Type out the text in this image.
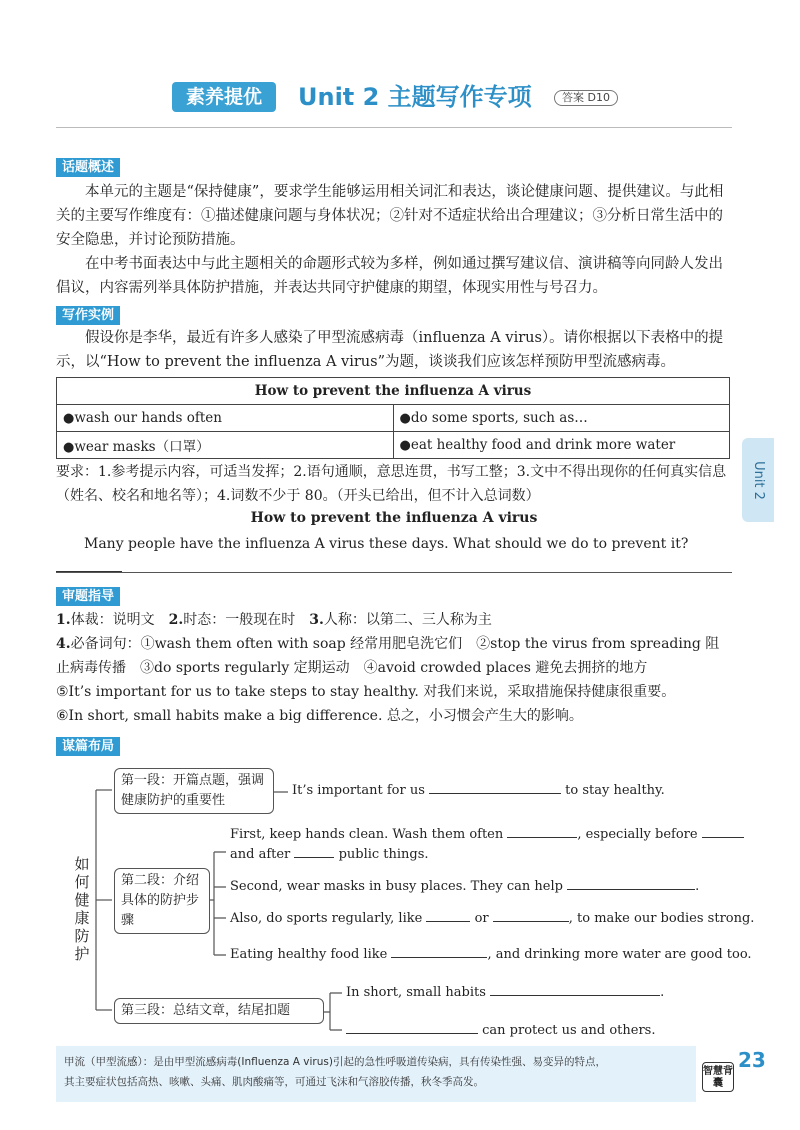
素养提优	Unit 2 主题写作专项	答案 D10
话题概述

本单元的主题是“保持健康”，要求学生能够运用相关词汇和表达，谈论健康问题、提供建议。与此相关的主要写作维度有：①描述健康问题与身体状况；②针对不适症状给出合理建议；③分析日常生活中的安全隐患，并讨论预防措施。

在中考书面表达中与此主题相关的命题形式较为多样，例如通过撰写建议信、演讲稿等向同龄人发出倡议，内容需列举具体防护措施，并表达共同守护健康的期望，体现实用性与号召力。

写作实例

假设你是李华，最近有许多人感染了甲型流感病毒（influenza A virus）。请你根据以下表格中的提示，以“How to prevent the influenza A virus”为题，谈谈我们应该怎样预防甲型流感病毒。

How to prevent the influenza A virus	
●wash our hands often	●do some sports, such as…
●wear masks（口罩）	●eat healthy food and drink more water

要求：1.参考提示内容，可适当发挥；2.语句通顺，意思连贯，书写工整；3.文中不得出现你的任何真实信息（姓名、校名和地名等）；4.词数不少于 80。（开头已给出，但不计入总词数）

How to prevent the influenza A virus

Many people have the influenza A virus these days. What should we do to prevent it?

审题指导

1.体裁：说明文　 2.时态：一般现在时　 3.人称：以第二、三人称为主

4.必备词句：①wash them often with soap 经常用肥皂洗它们　②stop the virus from spreading 阻止病毒传播　③do sports regularly 定期运动　④avoid crowded places 避免去拥挤的地方

⑤It’s important for us to take steps to stay healthy. 对我们来说，采取措施保持健康很重要。

⑥In short, small habits make a big difference. 总之，小习惯会产生大的影响。

谋篇布局
如何健康防护
第一段：开篇点题，强调健康防护的重要性
It’s important for us	to stay healthy.
第二段：介绍具体的防护步骤
First, keep hands clean. Wash them often	, especially before
and after	public things.
Second, wear masks in busy places. They can help	.
Also, do sports regularly, like	or	, to make our bodies strong.
Eating healthy food like	, and drinking more water are good too.
第三段：总结文章，结尾扣题
In short, small habits	.
can protect us and others.
Unit 2
甲流（甲型流感）：是由甲型流感病毒(Influenza A virus)引起的急性呼吸道传染病，具有传染性强、易变异的特点，
其主要症状包括高热、咳嗽、头痛、肌肉酸痛等，可通过飞沫和气溶胶传播，秋冬季高发。
智慧背囊
23
